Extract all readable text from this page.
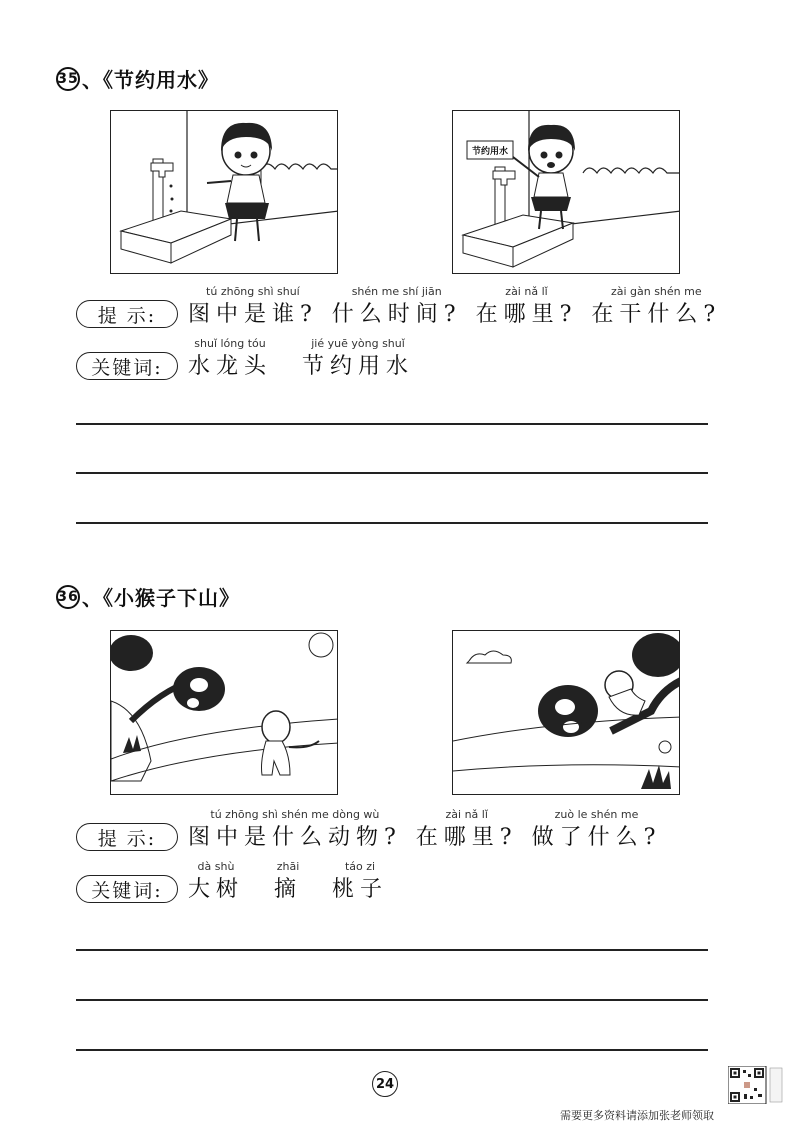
35 、《节约用水》
节约用水
提 示:
tú zhōng shì shuí
图中是谁?
shén me shí jiān
什么时间?
zài nǎ lǐ
在哪里?
zài gàn shén me
在干什么?
关键词:
shuǐ lóng tóu
水龙头
jié yuē yòng shuǐ
节约用水
36 、《小猴子下山》
提 示:
tú zhōng shì shén me dòng wù
图中是什么动物?
zài nǎ lǐ
在哪里?
zuò le shén me
做了什么?
关键词:
dà shù
大树
zhāi
摘
táo zi
桃子
24
需要更多资料请添加张老师领取
